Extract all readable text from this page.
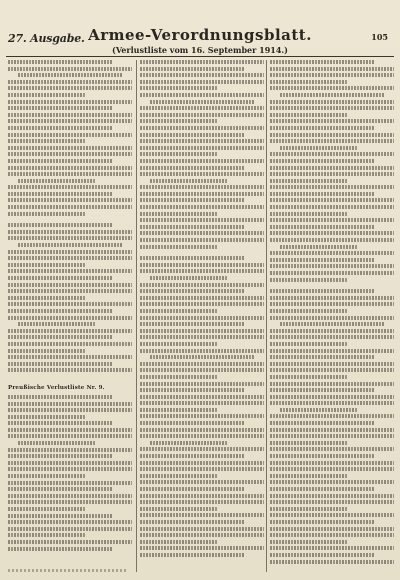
27. Ausgabe. Armee-Verordnungsblatt.	105
(Verlustliste vom 16. September 1914.)
Preußische Verlustliste Nr. 9.
